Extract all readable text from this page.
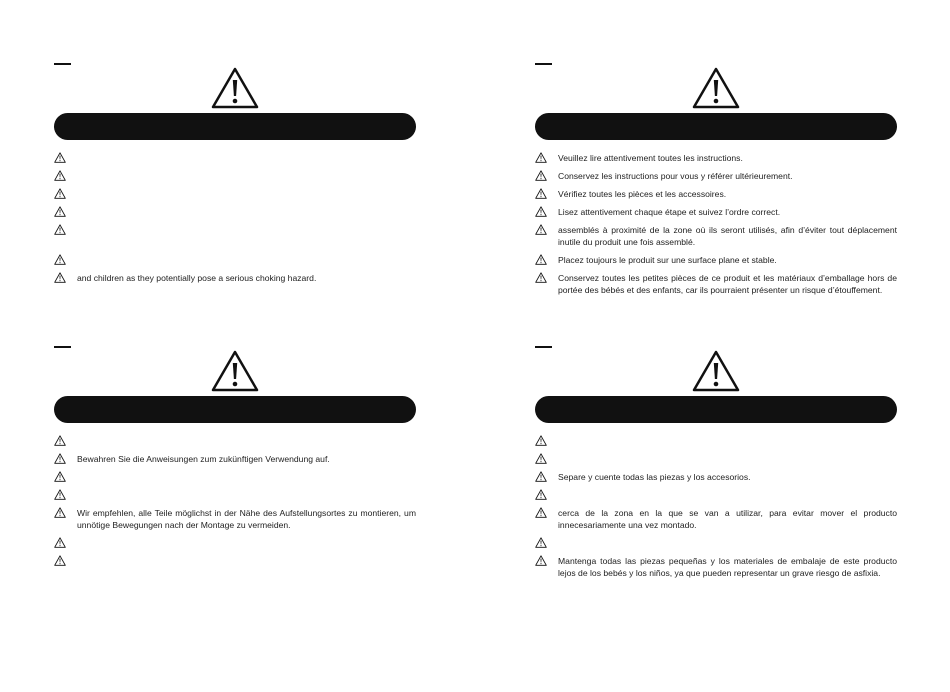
and children as they potentially pose a serious choking hazard.
Veuillez lire attentivement toutes les instructions.
Conservez les instructions pour vous y référer ultérieurement.
Vérifiez toutes les pièces et les accessoires.
Lisez attentivement chaque étape et suivez l’ordre correct.
assemblés à proximité de la zone où ils seront utilisés, afin d’éviter tout déplacement inutile du produit une fois assemblé.
Placez toujours le produit sur une surface plane et stable.
Conservez toutes les petites pièces de ce produit et les matériaux d’emballage hors de portée des bébés et des enfants, car ils pourraient présenter un risque d’étouffement.
Bewahren Sie die Anweisungen zum zukünftigen Verwendung auf.
Wir empfehlen, alle Teile möglichst in der Nähe des Aufstellungsortes zu montieren, um unnötige Bewegungen nach der Montage zu vermeiden.
Separe y cuente todas las piezas y los accesorios.
cerca de la zona en la que se van a utilizar, para evitar mover el producto innecesariamente una vez montado.
Mantenga todas las piezas pequeñas y los materiales de embalaje de este producto lejos de los bebés y los niños, ya que pueden representar un grave riesgo de asfixia.
